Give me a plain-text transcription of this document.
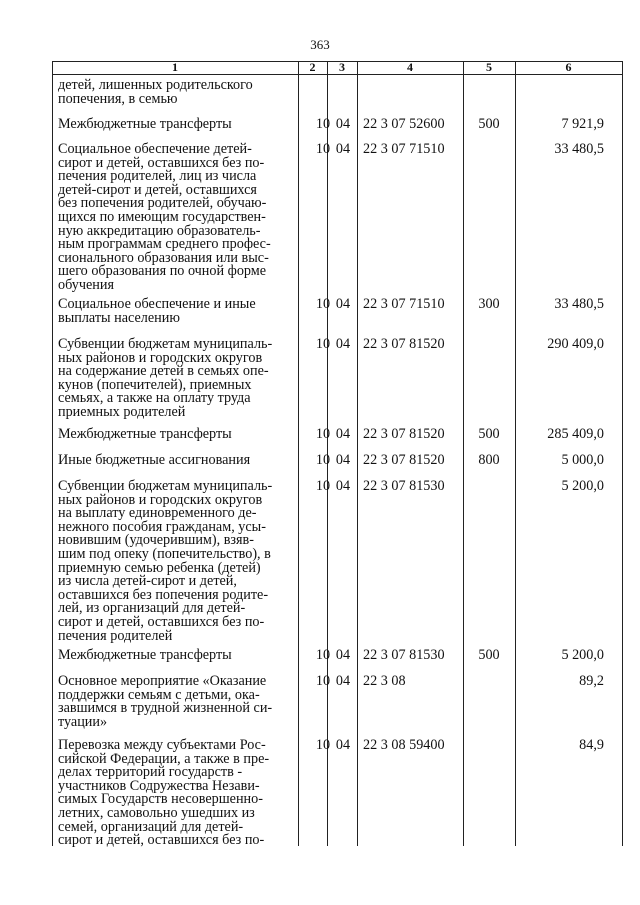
363
1	2	3	4	5	6
детей, лишенных родительского
попечения, в семью
Межбюджетные трансферты	10 04 22 3 07 52600	500	7 921,9
Социальное обеспечение детей-
сирот и детей, оставшихся без по-
печения родителей, лиц из числа
детей-сирот и детей, оставшихся
без попечения родителей, обучаю-
щихся по имеющим государствен-
ную аккредитацию образователь-
ным программам среднего профес-
сионального образования или выс-
шего образования по очной форме
обучения
10 04 22 3 07 71510	33 480,5
Социальное обеспечение и иные
выплаты населению
10 04 22 3 07 71510	300	33 480,5
Субвенции бюджетам муниципаль-
ных районов и городских округов
на содержание детей в семьях опе-
кунов (попечителей), приемных
семьях, а также на оплату труда
приемных родителей
10 04 22 3 07 81520	290 409,0
Межбюджетные трансферты	10 04 22 3 07 81520	500	285 409,0
Иные бюджетные ассигнования	10 04 22 3 07 81520	800	5 000,0
Субвенции бюджетам муниципаль-
ных районов и городских округов
на выплату единовременного де-
нежного пособия гражданам, усы-
новившим (удочерившим), взяв-
шим под опеку (попечительство), в
приемную семью ребенка (детей)
из числа детей-сирот и детей,
оставшихся без попечения родите-
лей, из организаций для детей-
сирот и детей, оставшихся без по-
печения родителей
10 04 22 3 07 81530	5 200,0
Межбюджетные трансферты	10 04 22 3 07 81530	500	5 200,0
Основное мероприятие «Оказание
поддержки семьям с детьми, ока-
завшимся в трудной жизненной си-
туации»
10 04 22 3 08	89,2
Перевозка между субъектами Рос-
сийской Федерации, а также в пре-
делах территорий государств -
участников Содружества Незави-
симых Государств несовершенно-
летних, самовольно ушедших из
семей, организаций для детей-
сирот и детей, оставшихся без по-
10 04 22 3 08 59400	84,9
